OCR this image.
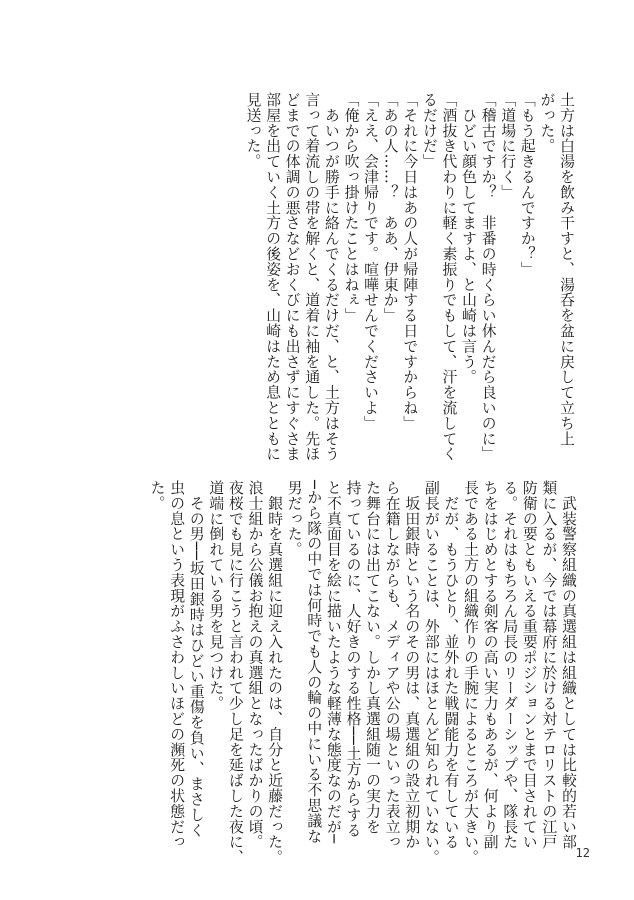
土方は白湯を飲み干すと、湯呑を盆に戻して立ち上
がった。
「もう起きるんですか？」
「道場に行く」
「稽古ですか？　非番の時くらい休んだら良いのに」
　ひどい顔色してますよ、と山崎は言う。
「酒抜き代わりに軽く素振りでもして、汗を流してく
るだけだ」
「それに今日はあの人が帰陣する日ですからね」
「あの人……？　ああ、伊東か」
「ええ、会津帰りです。喧嘩せんでくださいよ」
「俺から吹っ掛けたことはねぇ」
　あいつが勝手に絡んでくるだけだ、と、土方はそう
言って着流しの帯を解くと、道着に袖を通した。先ほ
どまでの体調の悪さなどおくびにも出さずにすぐさま
部屋を出ていく土方の後姿を、山崎はため息とともに
見送った。
　武装警察組織の真選組は組織としては比較的若い部
類に入るが、今では幕府に於ける対テロリストの江戸
防衛の要ともいえる重要ポジションとまで目されてい
る。それはもちろん局長のリーダーシップや、隊長た
ちをはじめとする剣客の高い実力もあるが、何より副
長である土方の組織作りの手腕によるところが大きい。
　だが、もうひとり、並外れた戦闘能力を有している
副長がいることは、外部にはほとんど知られていない。
　坂田銀時という名のその男は、真選組の設立初期か
ら在籍しながらも、メディアや公の場といった表立っ
た舞台には出てこない。しかし真選組随一の実力を
持っているのに、人好きのする性格──土方からする
と不真面目を絵に描いたような軽薄な態度なのだが─
─から隊の中では何時でも人の輪の中にいる不思議な
男だった。
　銀時を真選組に迎え入れたのは、自分と近藤だった。
浪士組から公儀お抱えの真選組となったばかりの頃。
夜桜でも見に行こうと言われて少し足を延ばした夜に、
道端に倒れている男を見つけた。
　その男──坂田銀時はひどい重傷を負い、まさしく
虫の息という表現がふさわしいほどの瀕死の状態だっ
た。
12
